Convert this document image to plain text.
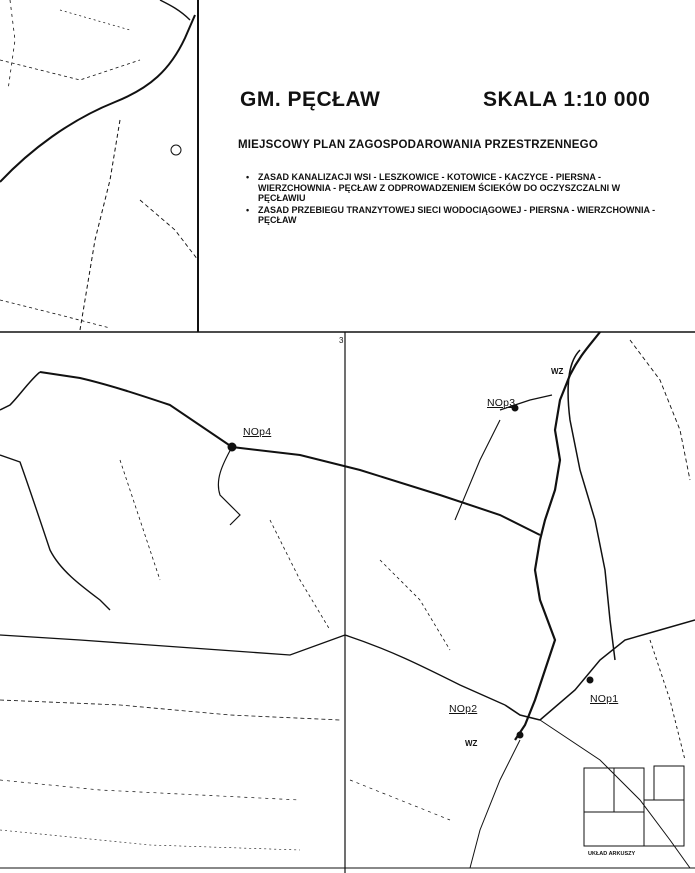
GM. PĘCŁAW	SKALA 1:10 000
MIEJSCOWY PLAN ZAGOSPODAROWANIA PRZESTRZENNEGO
• ZASAD KANALIZACJI WSI - LESZKOWICE - KOTOWICE - KACZYCE - PIERSNA - WIERZCHOWNIA - PĘCŁAW Z ODPROWADZENIEM ŚCIEKÓW DO OCZYSZCZALNI W PĘCŁAWIU
• ZASAD PRZEBIEGU TRANZYTOWEJ SIECI WODOCIĄGOWEJ - PIERSNA - WIERZCHOWNIA - PĘCŁAW
NOp4
NOp3
NOp2
NOp1
WZ
WZ
3
UKŁAD ARKUSZY
